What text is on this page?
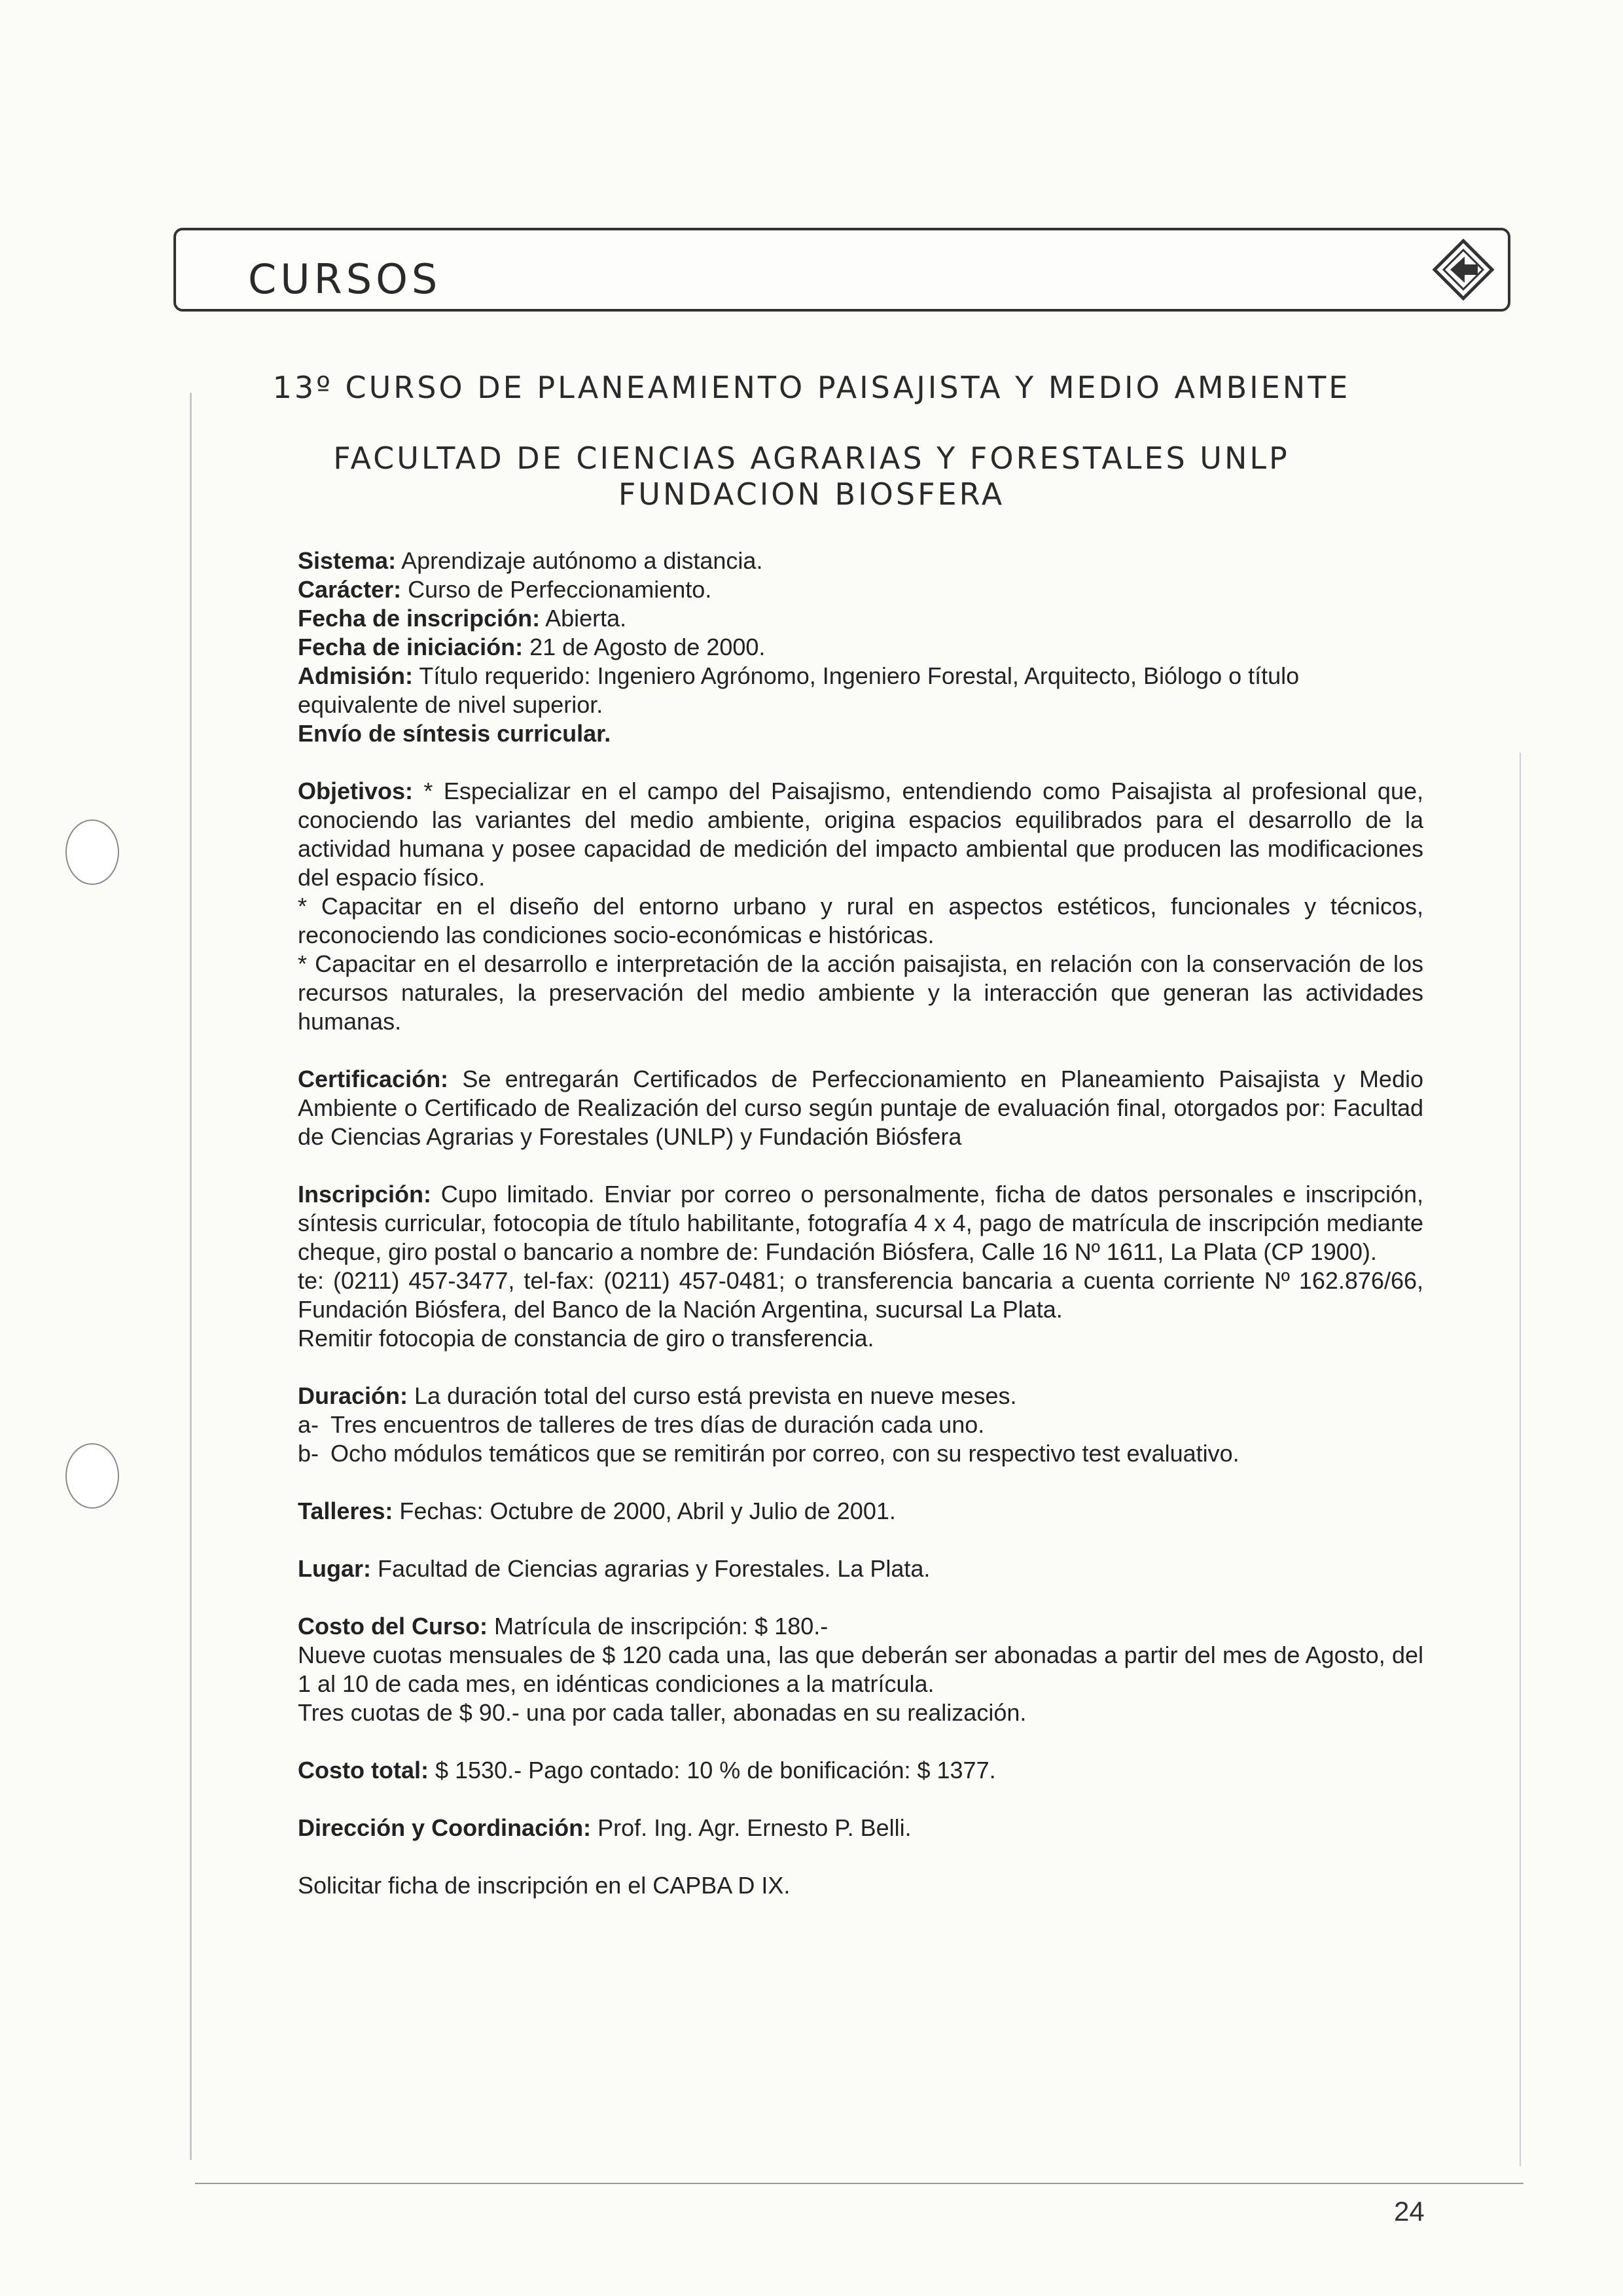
CURSOS
13º CURSO DE PLANEAMIENTO PAISAJISTA Y MEDIO AMBIENTE
FACULTAD DE CIENCIAS AGRARIAS Y FORESTALES UNLP
FUNDACION BIOSFERA

Sistema: Aprendizaje autónomo a distancia.

Carácter: Curso de Perfeccionamiento.

Fecha de inscripción: Abierta.

Fecha de iniciación: 21 de Agosto de 2000.

Admisión: Título requerido: Ingeniero Agrónomo, Ingeniero Forestal, Arquitecto, Biólogo o título equivalente de nivel superior.

Envío de síntesis curricular.

Objetivos: * Especializar en el campo del Paisajismo, entendiendo como Paisajista al profesional que, conociendo las variantes del medio ambiente, origina espacios equilibrados para el desarrollo de la actividad humana y posee capacidad de medición del impacto ambiental que producen las modificaciones del espacio físico.

* Capacitar en el diseño del entorno urbano y rural en aspectos estéticos, funcionales y técnicos, reconociendo las condiciones socio-económicas e históricas.

* Capacitar en el desarrollo e interpretación de la acción paisajista, en relación con la conservación de los recursos naturales, la preservación del medio ambiente y la interacción que generan las actividades humanas.

Certificación: Se entregarán Certificados de Perfeccionamiento en Planeamiento Paisajista y Medio Ambiente o Certificado de Realización del curso según puntaje de evaluación final, otorgados por: Facultad de Ciencias Agrarias y Forestales (UNLP) y Fundación Biósfera

Inscripción: Cupo limitado. Enviar por correo o personalmente, ficha de datos personales e inscripción, síntesis curricular, fotocopia de título habilitante, fotografía 4 x 4, pago de matrícula de inscripción mediante cheque, giro postal o bancario a nombre de: Fundación Biósfera, Calle 16 Nº 1611, La Plata (CP 1900).

te: (0211) 457-3477, tel-fax: (0211) 457-0481; o transferencia bancaria a cuenta corriente Nº 162.876/66, Fundación Biósfera, del Banco de la Nación Argentina, sucursal La Plata.

Remitir fotocopia de constancia de giro o transferencia.

Duración: La duración total del curso está prevista en nueve meses.

a- Tres encuentros de talleres de tres días de duración cada uno.
b- Ocho módulos temáticos que se remitirán por correo, con su respectivo test evaluativo.

Talleres: Fechas: Octubre de 2000, Abril y Julio de 2001.

Lugar: Facultad de Ciencias agrarias y Forestales. La Plata.

Costo del Curso: Matrícula de inscripción: $ 180.-

Nueve cuotas mensuales de $ 120 cada una, las que deberán ser abonadas a partir del mes de Agosto, del 1 al 10 de cada mes, en idénticas condiciones a la matrícula.

Tres cuotas de $ 90.- una por cada taller, abonadas en su realización.

Costo total: $ 1530.- Pago contado: 10 % de bonificación: $ 1377.

Dirección y Coordinación: Prof. Ing. Agr. Ernesto P. Belli.

Solicitar ficha de inscripción en el CAPBA D IX.

24
